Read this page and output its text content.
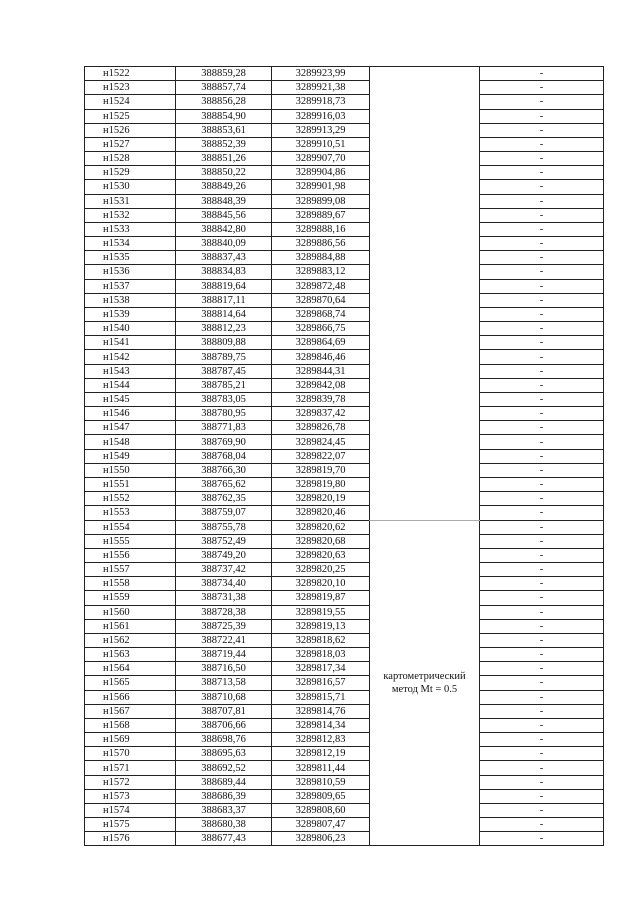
н1522	388859,28	3289923,99		-
н1523	388857,74	3289921,38		-
н1524	388856,28	3289918,73		-
н1525	388854,90	3289916,03		-
н1526	388853,61	3289913,29		-
н1527	388852,39	3289910,51		-
н1528	388851,26	3289907,70		-
н1529	388850,22	3289904,86		-
н1530	388849,26	3289901,98		-
н1531	388848,39	3289899,08		-
н1532	388845,56	3289889,67		-
н1533	388842,80	3289888,16		-
н1534	388840,09	3289886,56		-
н1535	388837,43	3289884,88		-
н1536	388834,83	3289883,12		-
н1537	388819,64	3289872,48		-
н1538	388817,11	3289870,64		-
н1539	388814,64	3289868,74		-
н1540	388812,23	3289866,75		-
н1541	388809,88	3289864,69		-
н1542	388789,75	3289846,46		-
н1543	388787,45	3289844,31		-
н1544	388785,21	3289842,08		-
н1545	388783,05	3289839,78		-
н1546	388780,95	3289837,42		-
н1547	388771,83	3289826,78		-
н1548	388769,90	3289824,45		-
н1549	388768,04	3289822,07		-
н1550	388766,30	3289819,70		-
н1551	388765,62	3289819,80		-
н1552	388762,35	3289820,19		-
н1553	388759,07	3289820,46		-
н1554	388755,78	3289820,62	картометрический метод Mt = 0.5	-
н1555	388752,49	3289820,68		-
н1556	388749,20	3289820,63		-
н1557	388737,42	3289820,25		-
н1558	388734,40	3289820,10		-
н1559	388731,38	3289819,87		-
н1560	388728,38	3289819,55		-
н1561	388725,39	3289819,13		-
н1562	388722,41	3289818,62		-
н1563	388719,44	3289818,03		-
н1564	388716,50	3289817,34		-
н1565	388713,58	3289816,57		-
н1566	388710,68	3289815,71		-
н1567	388707,81	3289814,76		-
н1568	388706,66	3289814,34		-
н1569	388698,76	3289812,83		-
н1570	388695,63	3289812,19		-
н1571	388692,52	3289811,44		-
н1572	388689,44	3289810,59		-
н1573	388686,39	3289809,65		-
н1574	388683,37	3289808,60		-
н1575	388680,38	3289807,47		-
н1576	388677,43	3289806,23		-
